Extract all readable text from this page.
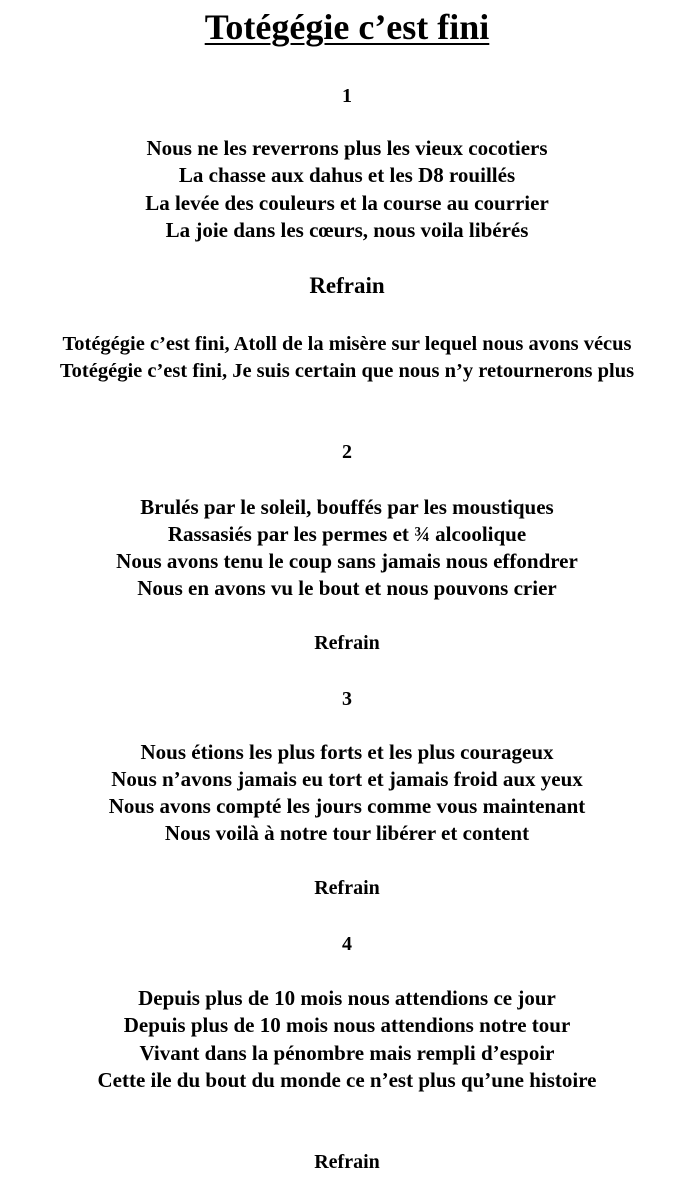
Totégégie c’est fini
1
Nous ne les reverrons plus les vieux cocotiers
La chasse aux dahus et les D8 rouillés
La levée des couleurs et la course au courrier
La joie dans les cœurs, nous voila libérés
Refrain
Totégégie c’est fini, Atoll de la misère sur lequel nous avons vécus
Totégégie c’est fini, Je suis certain que nous n’y retournerons plus
2
Brulés par le soleil, bouffés par les moustiques
Rassasiés par les permes et ¾ alcoolique
Nous avons tenu le coup sans jamais nous effondrer
Nous en avons vu le bout et nous pouvons crier
Refrain
3
Nous étions les plus forts et les plus courageux
Nous n’avons jamais eu tort et jamais froid aux yeux
Nous avons compté les jours comme vous maintenant
Nous voilà à notre tour libérer et content
Refrain
4
Depuis plus de 10 mois nous attendions ce jour
Depuis plus de 10 mois nous attendions notre tour
Vivant dans la pénombre mais rempli d’espoir
Cette ile du bout du monde ce n’est plus qu’une histoire
Refrain
